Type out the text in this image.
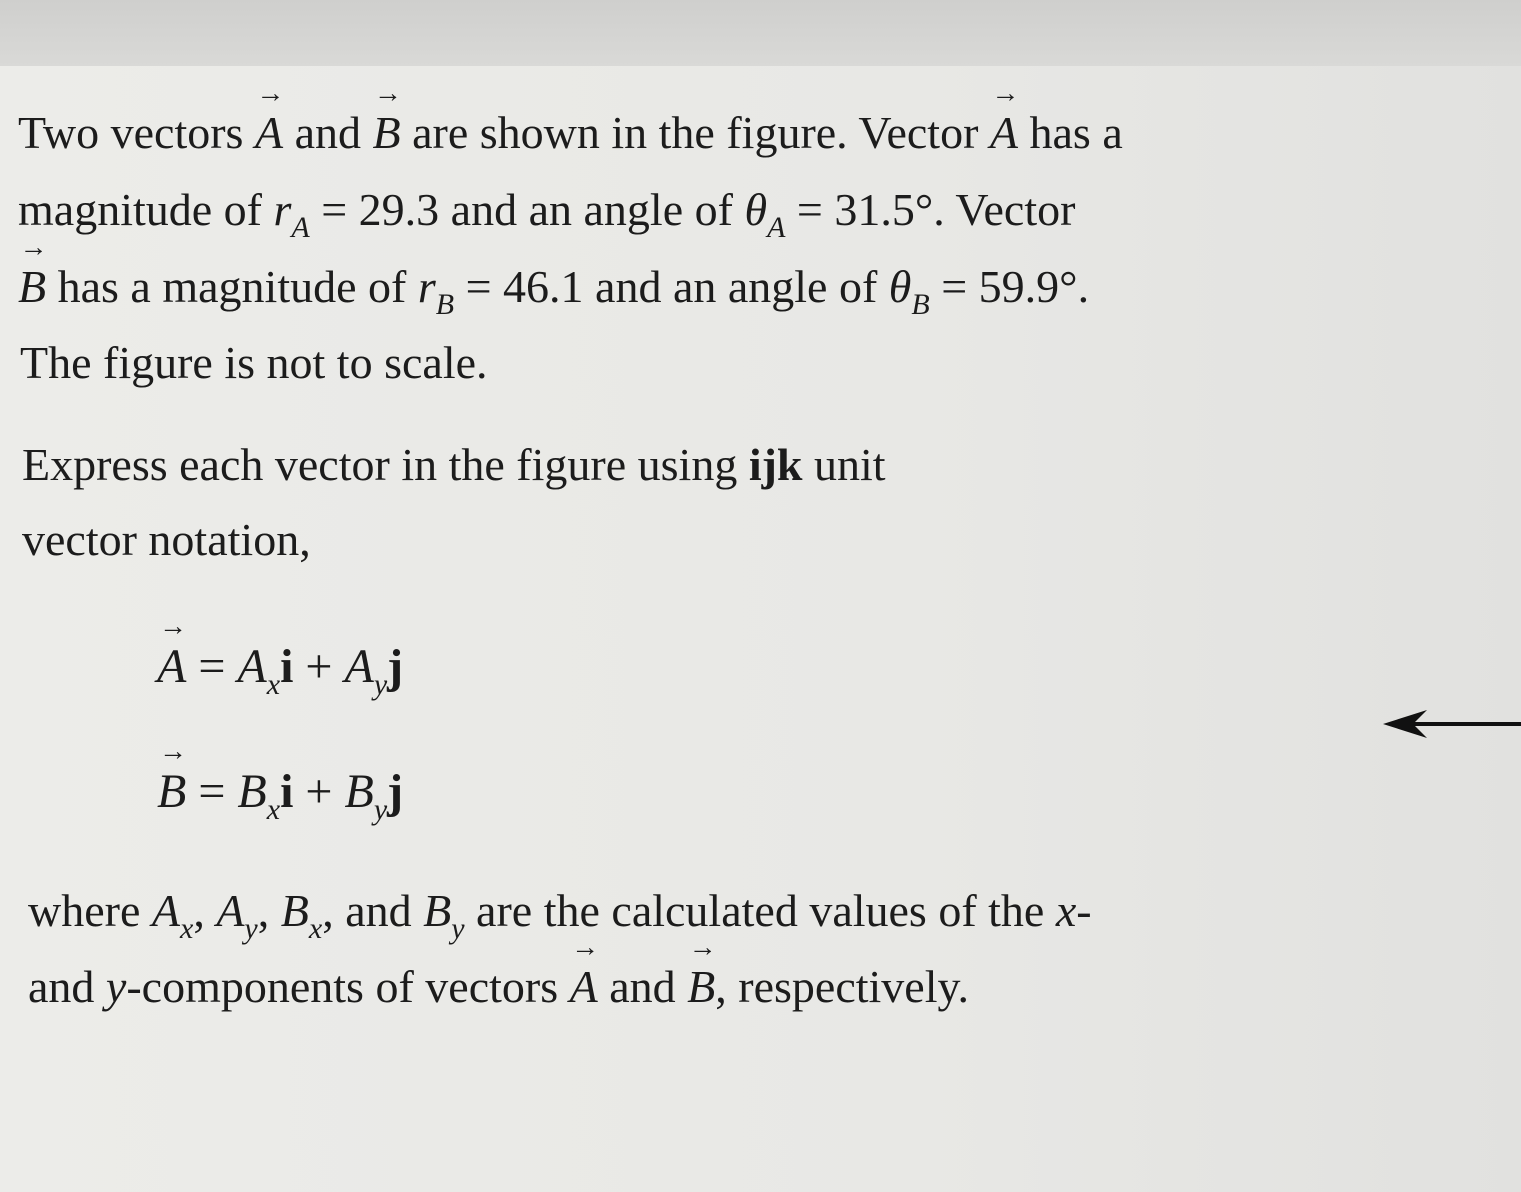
Two vectors → A and → B are shown in the figure. Vector → A has a
magnitude of $r_A = 29.3$ and an angle of $\theta_A = 31.5^\circ$. Vector
→ B has a magnitude of $r_B = 46.1$ and an angle of $\theta_B = 59.9^\circ$.
The figure is not to scale.
Express each vector in the figure using ijk unit
vector notation,
→ $A = A_xi + A_yj$
→ $B = B_xi + B_yj$
where $A_x$, $A_y$, $B_x$, and $B_y$ are the calculated values of the x-
and y-components of vectors → A and → B, respectively.
